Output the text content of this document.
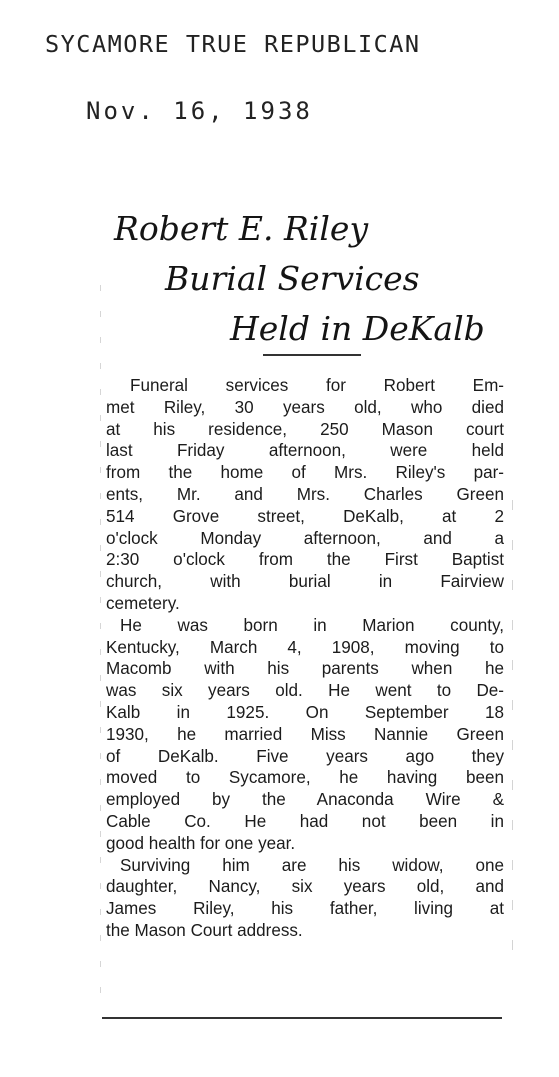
SYCAMORE TRUE REPUBLICAN
Nov. 16, 1938
Robert E. Riley
Burial Services
Held in DeKalb
Funeral services for Robert Em-
met Riley, 30 years old, who died
at his residence, 250 Mason court
last Friday afternoon, were held
from the home of Mrs. Riley's par-
ents, Mr. and Mrs. Charles Green
514 Grove street, DeKalb, at 2
o'clock Monday afternoon, and a
2:30 o'clock from the First Baptist
church, with burial in Fairview
cemetery.
He was born in Marion county,
Kentucky, March 4, 1908, moving to
Macomb with his parents when he
was six years old. He went to De-
Kalb in 1925. On September 18
1930, he married Miss Nannie Green
of DeKalb. Five years ago they
moved to Sycamore, he having been
employed by the Anaconda Wire &
Cable Co. He had not been in
good health for one year.
Surviving him are his widow, one
daughter, Nancy, six years old, and
James Riley, his father, living at
the Mason Court address.
